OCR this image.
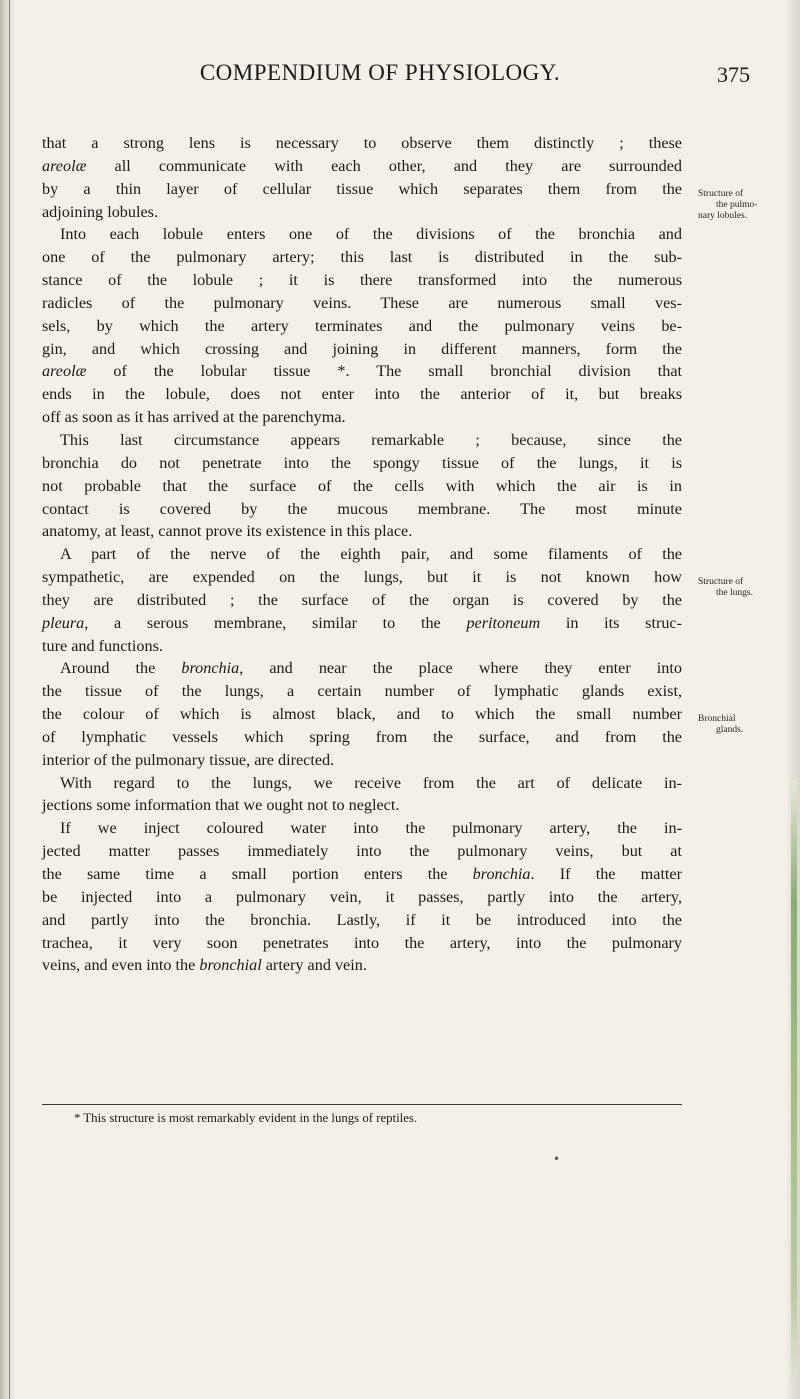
COMPENDIUM OF PHYSIOLOGY.	375
that a strong lens is necessary to observe them distinctly ; these
areolæ all communicate with each other, and they are surrounded
by a thin layer of cellular tissue which separates them from the
adjoining lobules.
Into each lobule enters one of the divisions of the bronchia and
one of the pulmonary artery; this last is distributed in the sub-
stance of the lobule ; it is there transformed into the numerous
radicles of the pulmonary veins. These are numerous small ves-
sels, by which the artery terminates and the pulmonary veins be-
gin, and which crossing and joining in different manners, form the
areolæ of the lobular tissue *. The small bronchial division that
ends in the lobule, does not enter into the anterior of it, but breaks
off as soon as it has arrived at the parenchyma.
This last circumstance appears remarkable ; because, since the
bronchia do not penetrate into the spongy tissue of the lungs, it is
not probable that the surface of the cells with which the air is in
contact is covered by the mucous membrane. The most minute
anatomy, at least, cannot prove its existence in this place.
A part of the nerve of the eighth pair, and some filaments of the
sympathetic, are expended on the lungs, but it is not known how
they are distributed ; the surface of the organ is covered by the
pleura, a serous membrane, similar to the peritoneum in its struc-
ture and functions.
Around the bronchia, and near the place where they enter into
the tissue of the lungs, a certain number of lymphatic glands exist,
the colour of which is almost black, and to which the small number
of lymphatic vessels which spring from the surface, and from the
interior of the pulmonary tissue, are directed.
With regard to the lungs, we receive from the art of delicate in-
jections some information that we ought not to neglect.
If we inject coloured water into the pulmonary artery, the in-
jected matter passes immediately into the pulmonary veins, but at
the same time a small portion enters the bronchia. If the matter
be injected into a pulmonary vein, it passes, partly into the artery,
and partly into the bronchia. Lastly, if it be introduced into the
trachea, it very soon penetrates into the artery, into the pulmonary
veins, and even into the bronchial artery and vein.
Structure of
the pulmo-
nary lobules.
Structure of
the lungs.
Bronchial
glands.
* This structure is most remarkably evident in the lungs of reptiles.
•
